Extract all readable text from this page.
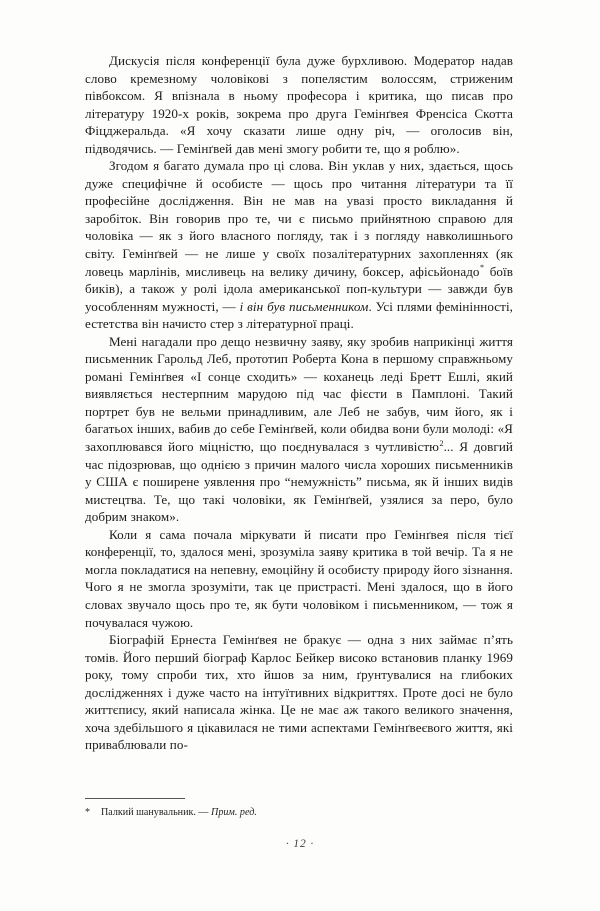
Дискусія після конференції була дуже бурхливою. Модератор надав слово кремезному чоловікові з попелястим волоссям, стриженим півбоксом. Я впізнала в ньому професора і критика, що писав про літературу 1920-х років, зокрема про друга Гемінґвея Френсіса Скотта Фіцджеральда. «Я хочу сказати лише одну річ, — оголосив він, підводячись. — Гемінґвей дав мені змогу робити те, що я роблю».

Згодом я багато думала про ці слова. Він уклав у них, здається, щось дуже специфічне й особисте — щось про читання літератури та її професійне дослідження. Він не мав на увазі просто викладання й заробіток. Він говорив про те, чи є письмо прийнятною справою для чоловіка — як з його власного погляду, так і з погляду навколишнього світу. Гемінґвей — не лише у своїх позалітературних захопленнях (як ловець марлінів, мисливець на велику дичину, боксер, афісьйонадо* боїв биків), а також у ролі ідола американської поп-культури — завжди був уособленням мужності, — і він був письменником. Усі плями фемінінності, естетства він начисто стер з літературної праці.

Мені нагадали про дещо незвичну заяву, яку зробив наприкінці життя письменник Гарольд Леб, прототип Роберта Кона в першому справжньому романі Гемінґвея «І сонце сходить» — коханець леді Бретт Ешлі, який виявляється нестерпним марудою під час фієсти в Памплоні. Такий портрет був не вельми принадливим, але Леб не забув, чим його, як і багатьох інших, вабив до себе Гемінґвей, коли обидва вони були молоді: «Я захоплювався його міцністю, що поєднувалася з чутливістю$^2$... Я довгий час підозрював, що однією з причин малого числа хороших письменників у США є поширене уявлення про “немужність” письма, як й інших видів мистецтва. Те, що такі чоловіки, як Гемінґвей, узялися за перо, було добрим знаком».

Коли я сама почала міркувати й писати про Гемінґвея після тієї конференції, то, здалося мені, зрозуміла заяву критика в той вечір. Та я не могла покладатися на непевну, емоційну й особисту природу його зізнання. Чого я не змогла зрозуміти, так це пристрасті. Мені здалося, що в його словах звучало щось про те, як бути чоловіком і письменником, — тож я почувалася чужою.

Біографій Ернеста Гемінґвея не бракує — одна з них займає п’ять томів. Його перший біограф Карлос Бейкер високо встановив планку 1969 року, тому спроби тих, хто йшов за ним, ґрунтувалися на глибоких дослідженнях і дуже часто на інтуїтивних відкриттях. Проте досі не було життєпису, який написала жінка. Це не має аж такого великого значення, хоча здебільшого я цікавилася не тими аспектами Гемінґвеєвого життя, які приваблювали по-

* Палкий шанувальник. — Прим. ред.
· 12 ·
